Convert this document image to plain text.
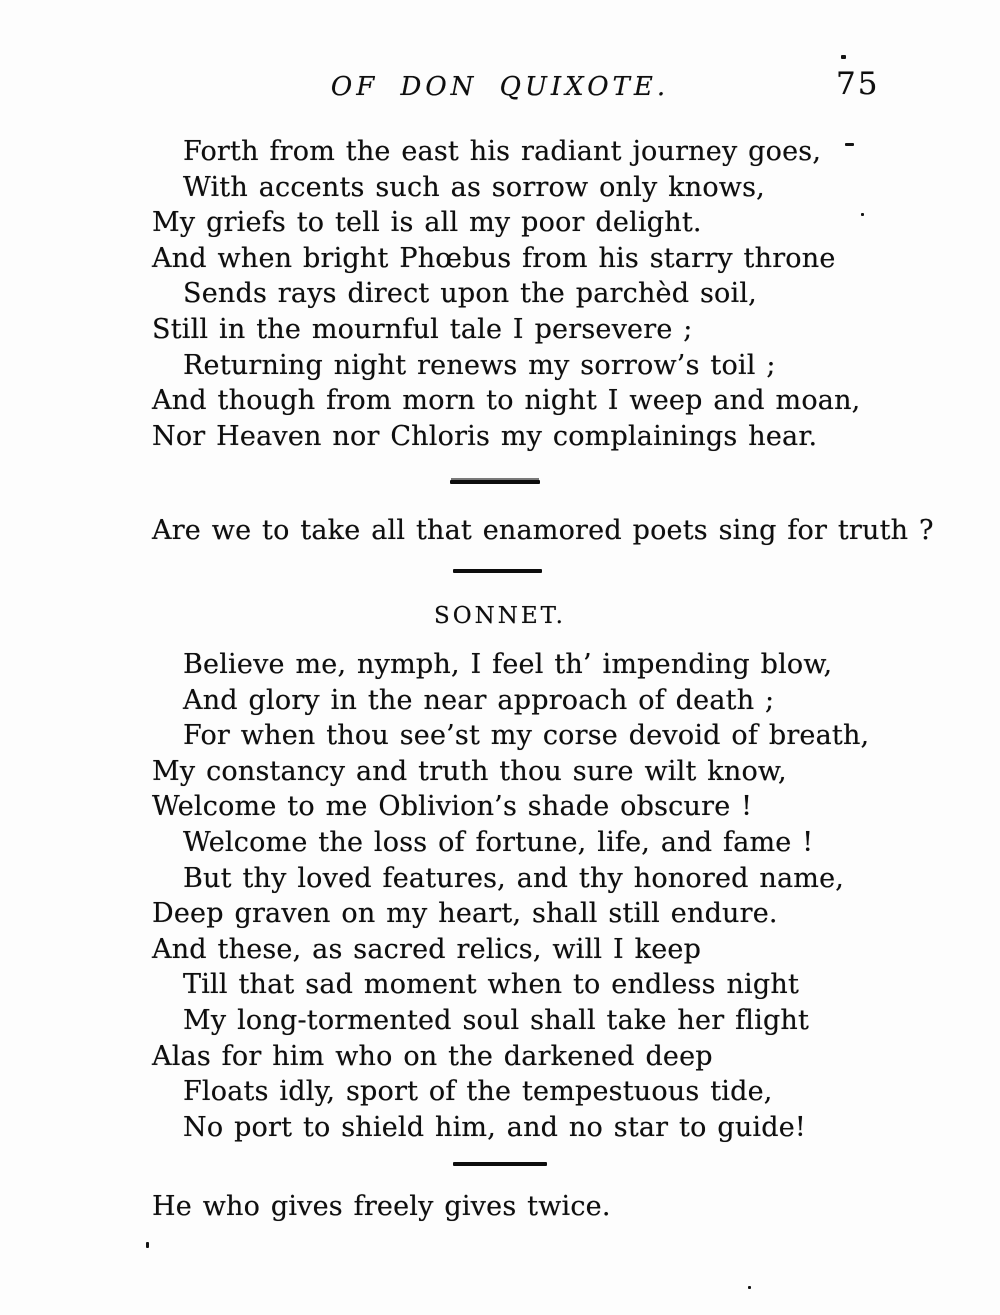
OF DON QUIXOTE.	75
Forth from the east his radiant journey goes,
With accents such as sorrow only knows,
My griefs to tell is all my poor delight.
And when bright Phœbus from his starry throne
Sends rays direct upon the parchèd soil,
Still in the mournful tale I persevere ;
Returning night renews my sorrow’s toil ;
And though from morn to night I weep and moan,
Nor Heaven nor Chloris my complainings hear.
Are we to take all that enamored poets sing for truth ?
SONNET.
Believe me, nymph, I feel th’ impending blow,
And glory in the near approach of death ;
For when thou see’st my corse devoid of breath,
My constancy and truth thou sure wilt know,
Welcome to me Oblivion’s shade obscure !
Welcome the loss of fortune, life, and fame !
But thy loved features, and thy honored name,
Deep graven on my heart, shall still endure.
And these, as sacred relics, will I keep
Till that sad moment when to endless night
My long-tormented soul shall take her flight
Alas for him who on the darkened deep
Floats idly, sport of the tempestuous tide,
No port to shield him, and no star to guide!
He who gives freely gives twice.
